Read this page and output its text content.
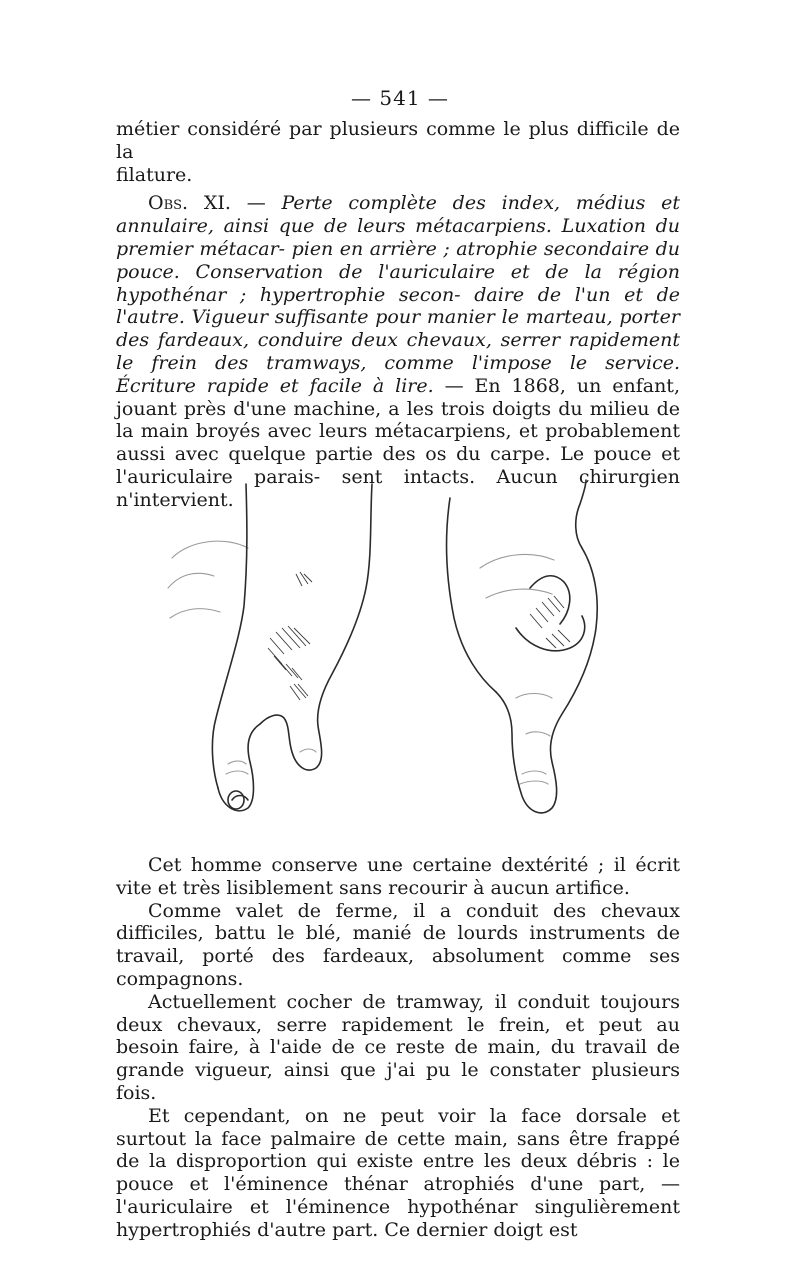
— 541 —

métier considéré par plusieurs comme le plus difficile de la
filature.

Obs. XI. — Perte complète des index, médius et annulaire, ainsi que de leurs métacarpiens. Luxation du premier métacar- pien en arrière ; atrophie secondaire du pouce. Conservation de l'auriculaire et de la région hypothénar ; hypertrophie secon- daire de l'un et de l'autre. Vigueur suffisante pour manier le marteau, porter des fardeaux, conduire deux chevaux, serrer rapidement le frein des tramways, comme l'impose le service. Écriture rapide et facile à lire. — En 1868, un enfant, jouant près d'une machine, a les trois doigts du milieu de la main broyés avec leurs métacarpiens, et probablement aussi avec quelque partie des os du carpe. Le pouce et l'auriculaire parais- sent intacts. Aucun chirurgien n'intervient.

Cet homme conserve une certaine dextérité ; il écrit vite et très lisiblement sans recourir à aucun artifice.

Comme valet de ferme, il a conduit des chevaux difficiles, battu le blé, manié de lourds instruments de travail, porté des fardeaux, absolument comme ses compagnons.

Actuellement cocher de tramway, il conduit toujours deux chevaux, serre rapidement le frein, et peut au besoin faire, à l'aide de ce reste de main, du travail de grande vigueur, ainsi que j'ai pu le constater plusieurs fois.

Et cependant, on ne peut voir la face dorsale et surtout la face palmaire de cette main, sans être frappé de la disproportion qui existe entre les deux débris : le pouce et l'éminence thénar atrophiés d'une part, — l'auriculaire et l'éminence hypothénar singulièrement hypertrophiés d'autre part. Ce dernier doigt est
